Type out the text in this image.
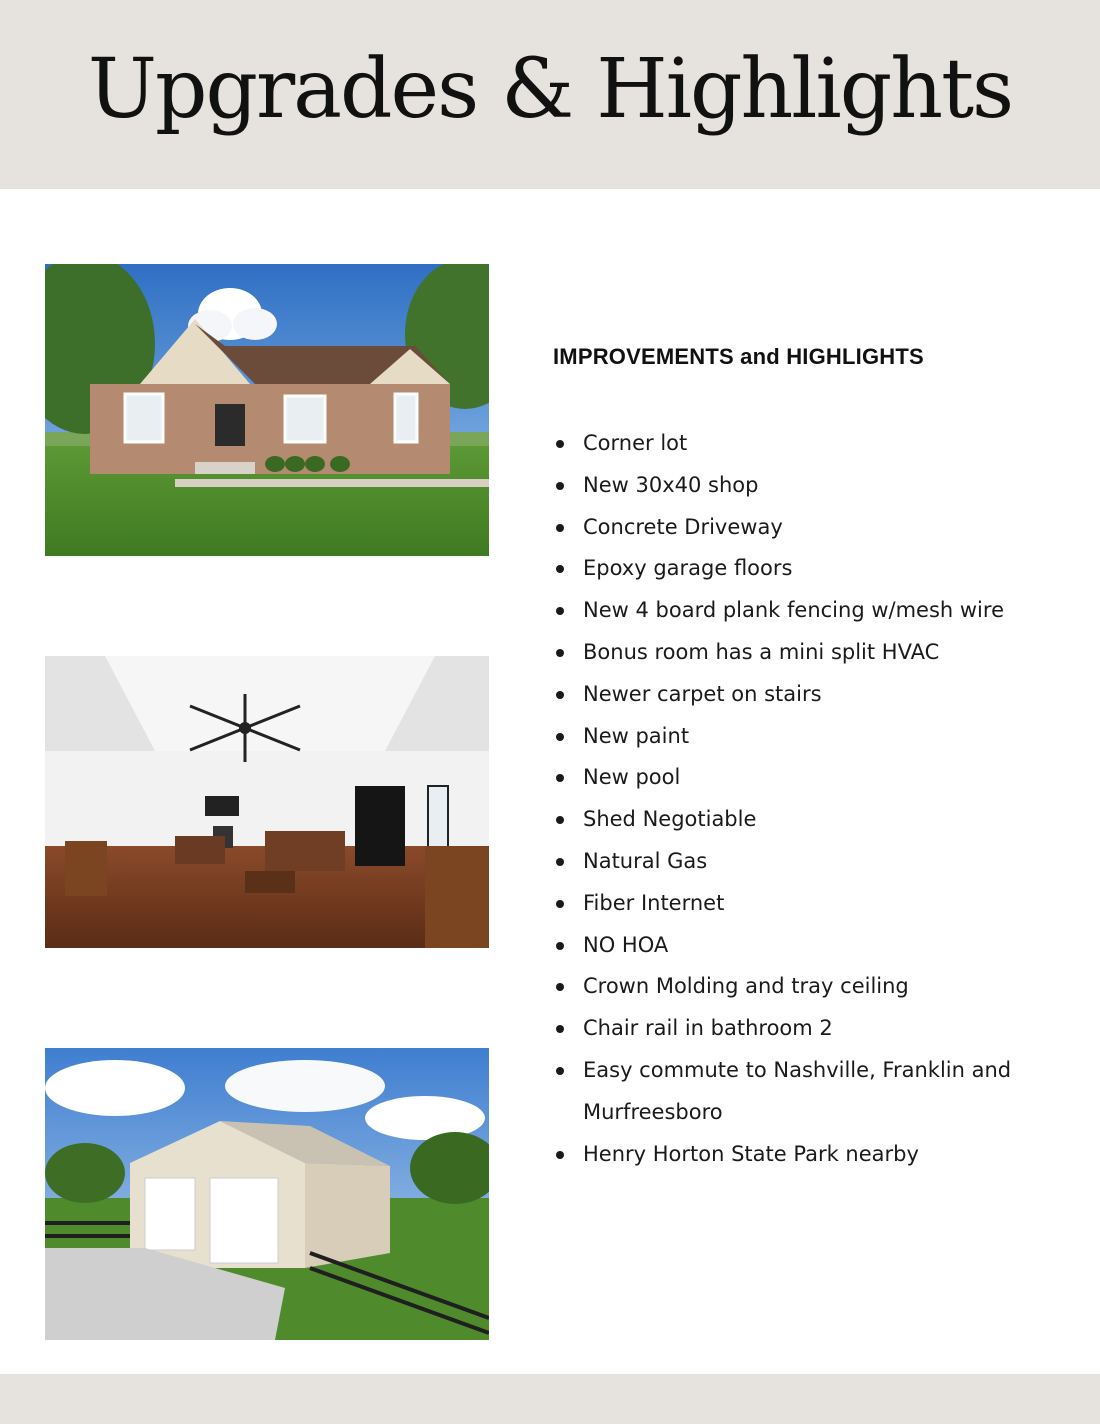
Upgrades & Highlights
IMPROVEMENTS and HIGHLIGHTS
Corner lot
New 30x40 shop
Concrete Driveway
Epoxy garage floors
New 4 board plank fencing w/mesh wire
Bonus room has a mini split HVAC
Newer carpet on stairs
New paint
New pool
Shed Negotiable
Natural Gas
Fiber Internet
NO HOA
Crown Molding and tray ceiling
Chair rail in bathroom 2
Easy commute to Nashville, Franklin and Murfreesboro
Henry Horton State Park nearby
